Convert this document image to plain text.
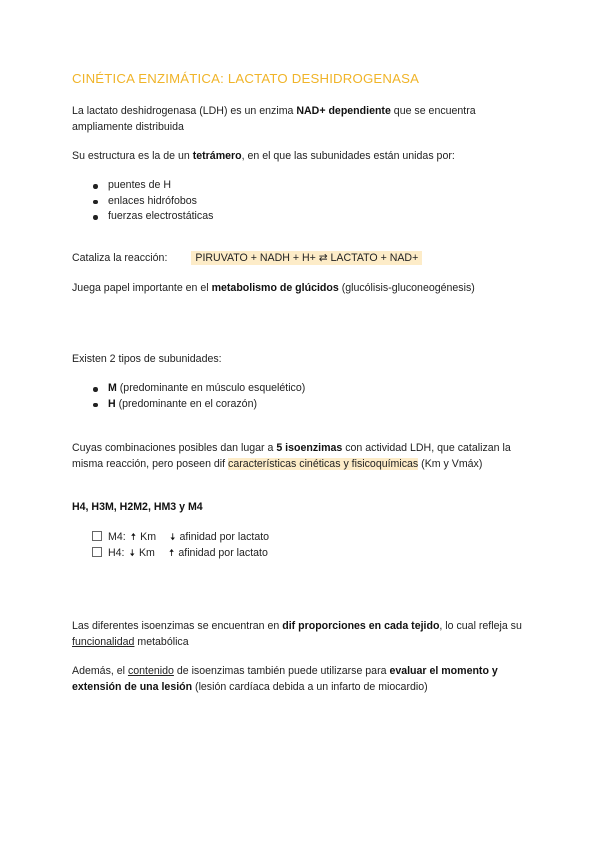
CINÉTICA ENZIMÁTICA: LACTATO DESHIDROGENASA
La lactato deshidrogenasa (LDH) es un enzima NAD+ dependiente que se encuentra ampliamente distribuida
Su estructura es la de un tetrámero, en el que las subunidades están unidas por:
puentes de H
enlaces hidrófobos
fuerzas electrostáticas
Cataliza la reacción:	PIRUVATO + NADH + H+ ⇄ LACTATO + NAD+
Juega papel importante en el metabolismo de glúcidos (glucólisis-gluconeogénesis)
Existen 2 tipos de subunidades:
M (predominante en músculo esquelético)
H (predominante en el corazón)
Cuyas combinaciones posibles dan lugar a 5 isoenzimas con actividad LDH, que catalizan la misma reacción, pero poseen dif características cinéticas y fisicoquímicas (Km y Vmáx)
H4, H3M, H2M2, HM3 y M4
M4: 🠅 Km 🠇 afinidad por lactato
H4: 🠇 Km 🠅 afinidad por lactato
Las diferentes isoenzimas se encuentran en dif proporciones en cada tejido, lo cual refleja su funcionalidad metabólica
Además, el contenido de isoenzimas también puede utilizarse para evaluar el momento y extensión de una lesión (lesión cardíaca debida a un infarto de miocardio)
